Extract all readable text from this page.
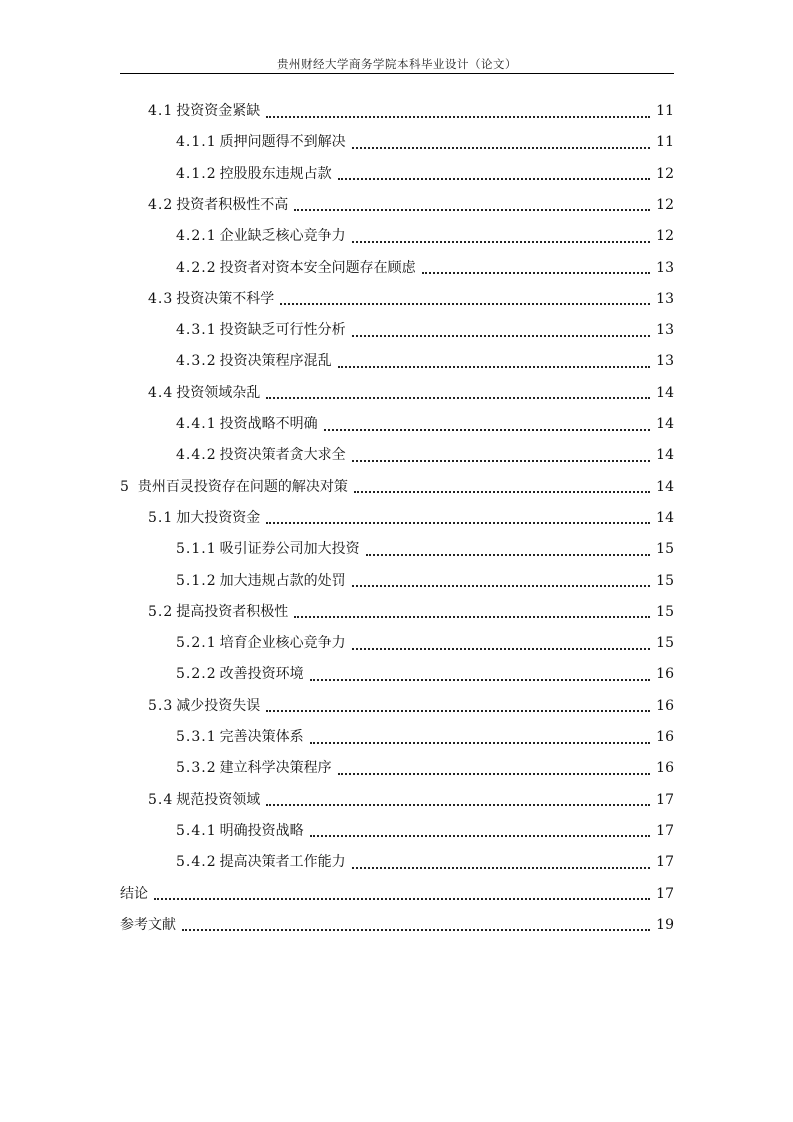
贵州财经大学商务学院本科毕业设计（论文）
4.1 投资资金紧缺	11
4.1.1 质押问题得不到解决	11
4.1.2 控股股东违规占款	12
4.2 投资者积极性不高	12
4.2.1 企业缺乏核心竞争力	12
4.2.2 投资者对资本安全问题存在顾虑	13
4.3 投资决策不科学	13
4.3.1 投资缺乏可行性分析	13
4.3.2 投资决策程序混乱	13
4.4 投资领域杂乱	14
4.4.1 投资战略不明确	14
4.4.2 投资决策者贪大求全	14
5 贵州百灵投资存在问题的解决对策	14
5.1 加大投资资金	14
5.1.1 吸引证券公司加大投资	15
5.1.2 加大违规占款的处罚	15
5.2 提高投资者积极性	15
5.2.1 培育企业核心竞争力	15
5.2.2 改善投资环境	16
5.3 减少投资失误	16
5.3.1 完善决策体系	16
5.3.2 建立科学决策程序	16
5.4 规范投资领域	17
5.4.1 明确投资战略	17
5.4.2 提高决策者工作能力	17
结论	17
参考文献	19
